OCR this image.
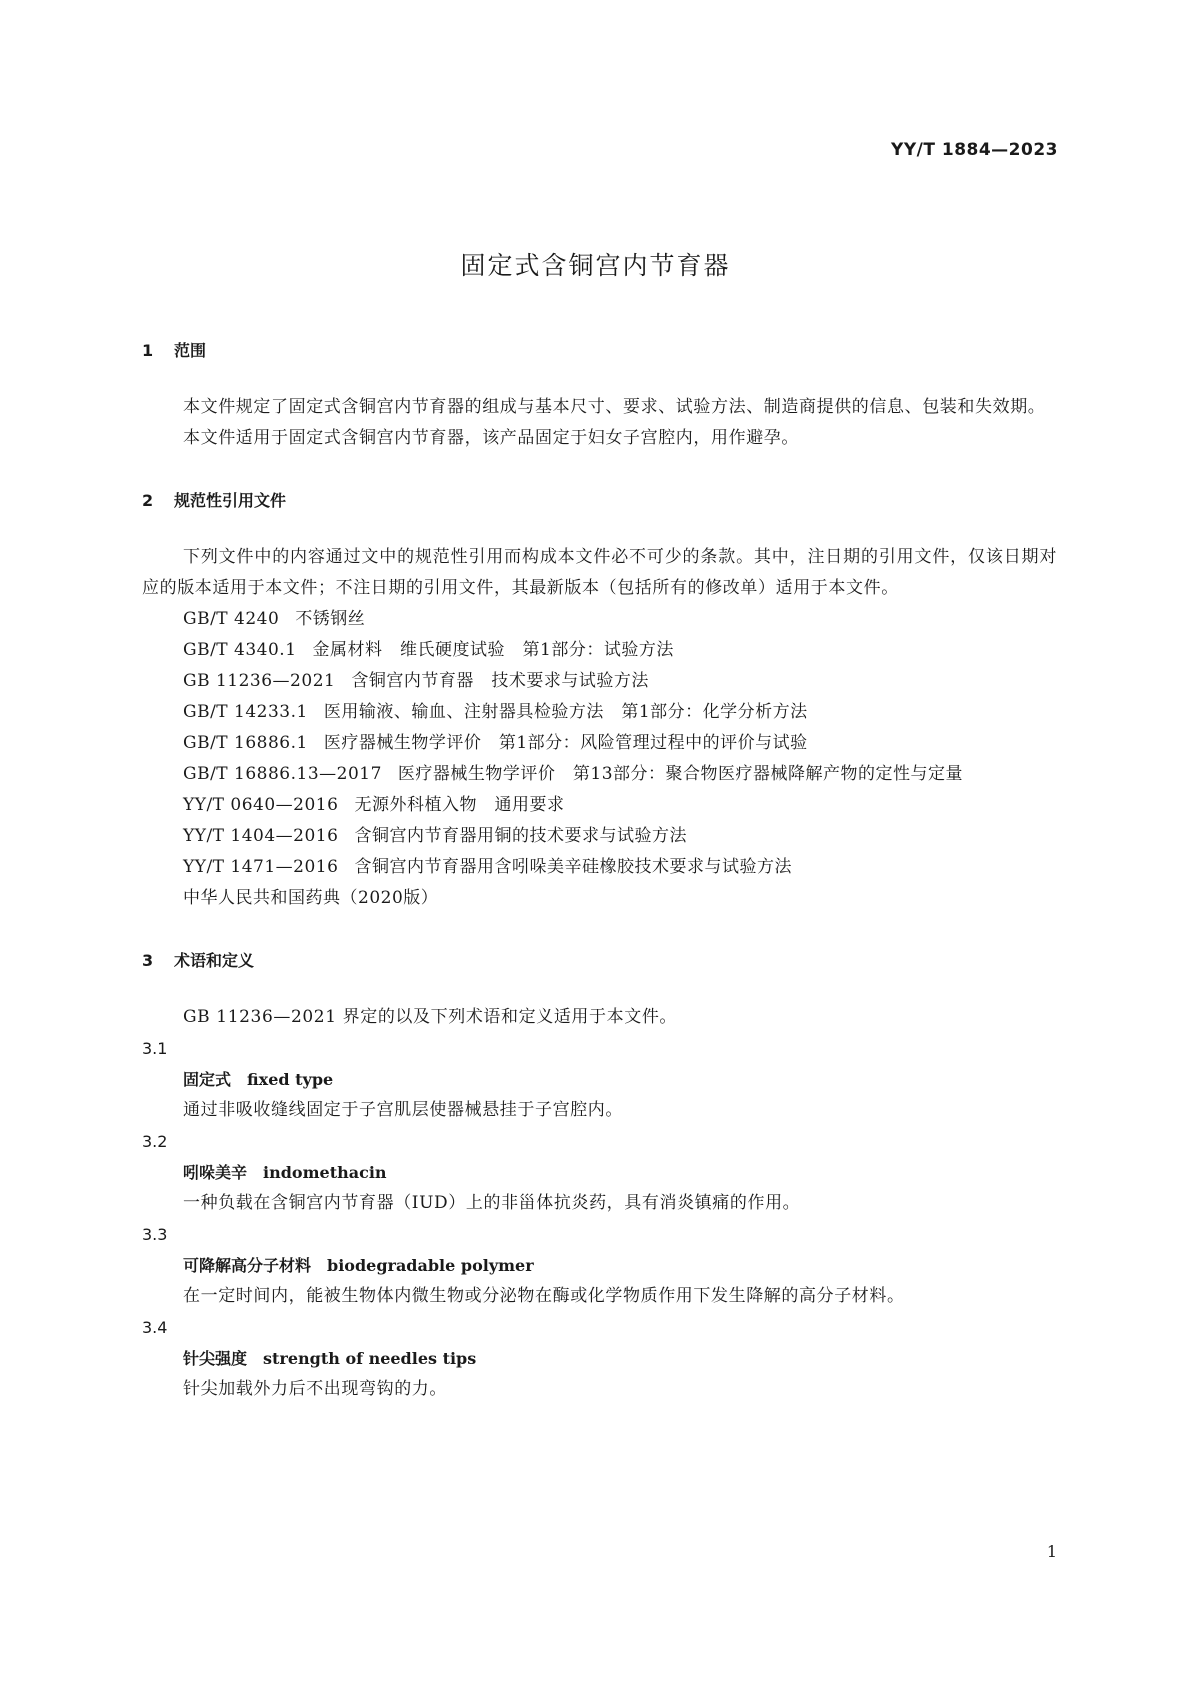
YY/T 1884—2023
固定式含铜宫内节育器
1 范围
本文件规定了固定式含铜宫内节育器的组成与基本尺寸、要求、试验方法、制造商提供的信息、包装和失效期。
本文件适用于固定式含铜宫内节育器，该产品固定于妇女子宫腔内，用作避孕。
2 规范性引用文件
下列文件中的内容通过文中的规范性引用而构成本文件必不可少的条款。其中，注日期的引用文件，仅该日期对应的版本适用于本文件；不注日期的引用文件，其最新版本（包括所有的修改单）适用于本文件。
GB/T 4240 不锈钢丝
GB/T 4340.1 金属材料　维氏硬度试验　第1部分：试验方法
GB 11236—2021 含铜宫内节育器　技术要求与试验方法
GB/T 14233.1 医用输液、输血、注射器具检验方法　第1部分：化学分析方法
GB/T 16886.1 医疗器械生物学评价　第1部分：风险管理过程中的评价与试验
GB/T 16886.13—2017 医疗器械生物学评价　第13部分：聚合物医疗器械降解产物的定性与定量
YY/T 0640—2016 无源外科植入物　通用要求
YY/T 1404—2016 含铜宫内节育器用铜的技术要求与试验方法
YY/T 1471—2016 含铜宫内节育器用含吲哚美辛硅橡胶技术要求与试验方法
中华人民共和国药典（2020版）
3 术语和定义
GB 11236—2021 界定的以及下列术语和定义适用于本文件。
3.1
固定式 fixed type
通过非吸收缝线固定于子宫肌层使器械悬挂于子宫腔内。
3.2
吲哚美辛 indomethacin
一种负载在含铜宫内节育器（IUD）上的非甾体抗炎药，具有消炎镇痛的作用。
3.3
可降解高分子材料 biodegradable polymer
在一定时间内，能被生物体内微生物或分泌物在酶或化学物质作用下发生降解的高分子材料。
3.4
针尖强度 strength of needles tips
针尖加载外力后不出现弯钩的力。
1
